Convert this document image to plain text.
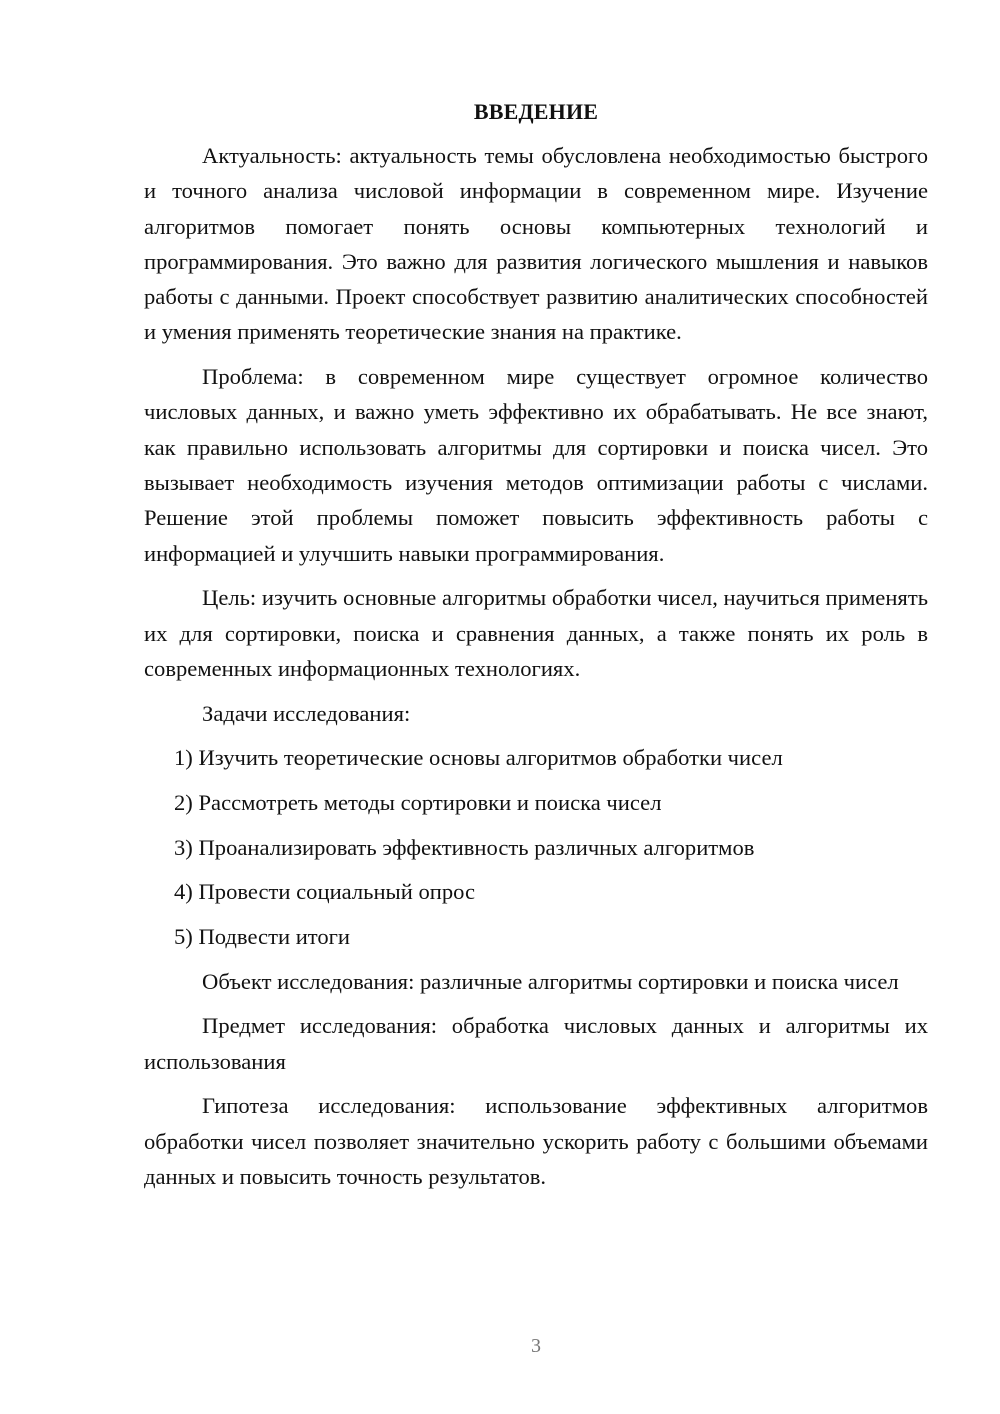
ВВЕДЕНИЕ

Актуальность: актуальность темы обусловлена необходимостью быстрого и точного анализа числовой информации в современном мире. Изучение алгоритмов помогает понять основы компьютерных технологий и программирования. Это важно для развития логического мышления и навыков работы с данными. Проект способствует развитию аналитических способностей и умения применять теоретические знания на практике.

Проблема: в современном мире существует огромное количество числовых данных, и важно уметь эффективно их обрабатывать. Не все знают, как правильно использовать алгоритмы для сортировки и поиска чисел. Это вызывает необходимость изучения методов оптимизации работы с числами. Решение этой проблемы поможет повысить эффективность работы с информацией и улучшить навыки программирования.

Цель: изучить основные алгоритмы обработки чисел, научиться применять их для сортировки, поиска и сравнения данных, а также понять их роль в современных информационных технологиях.

Задачи исследования:

1) Изучить теоретические основы алгоритмов обработки чисел
2) Рассмотреть методы сортировки и поиска чисел
3) Проанализировать эффективность различных алгоритмов
4) Провести социальный опрос
5) Подвести итоги

Объект исследования: различные алгоритмы сортировки и поиска чисел

Предмет исследования: обработка числовых данных и алгоритмы их использования

Гипотеза исследования: использование эффективных алгоритмов обработки чисел позволяет значительно ускорить работу с большими объемами данных и повысить точность результатов.

3
